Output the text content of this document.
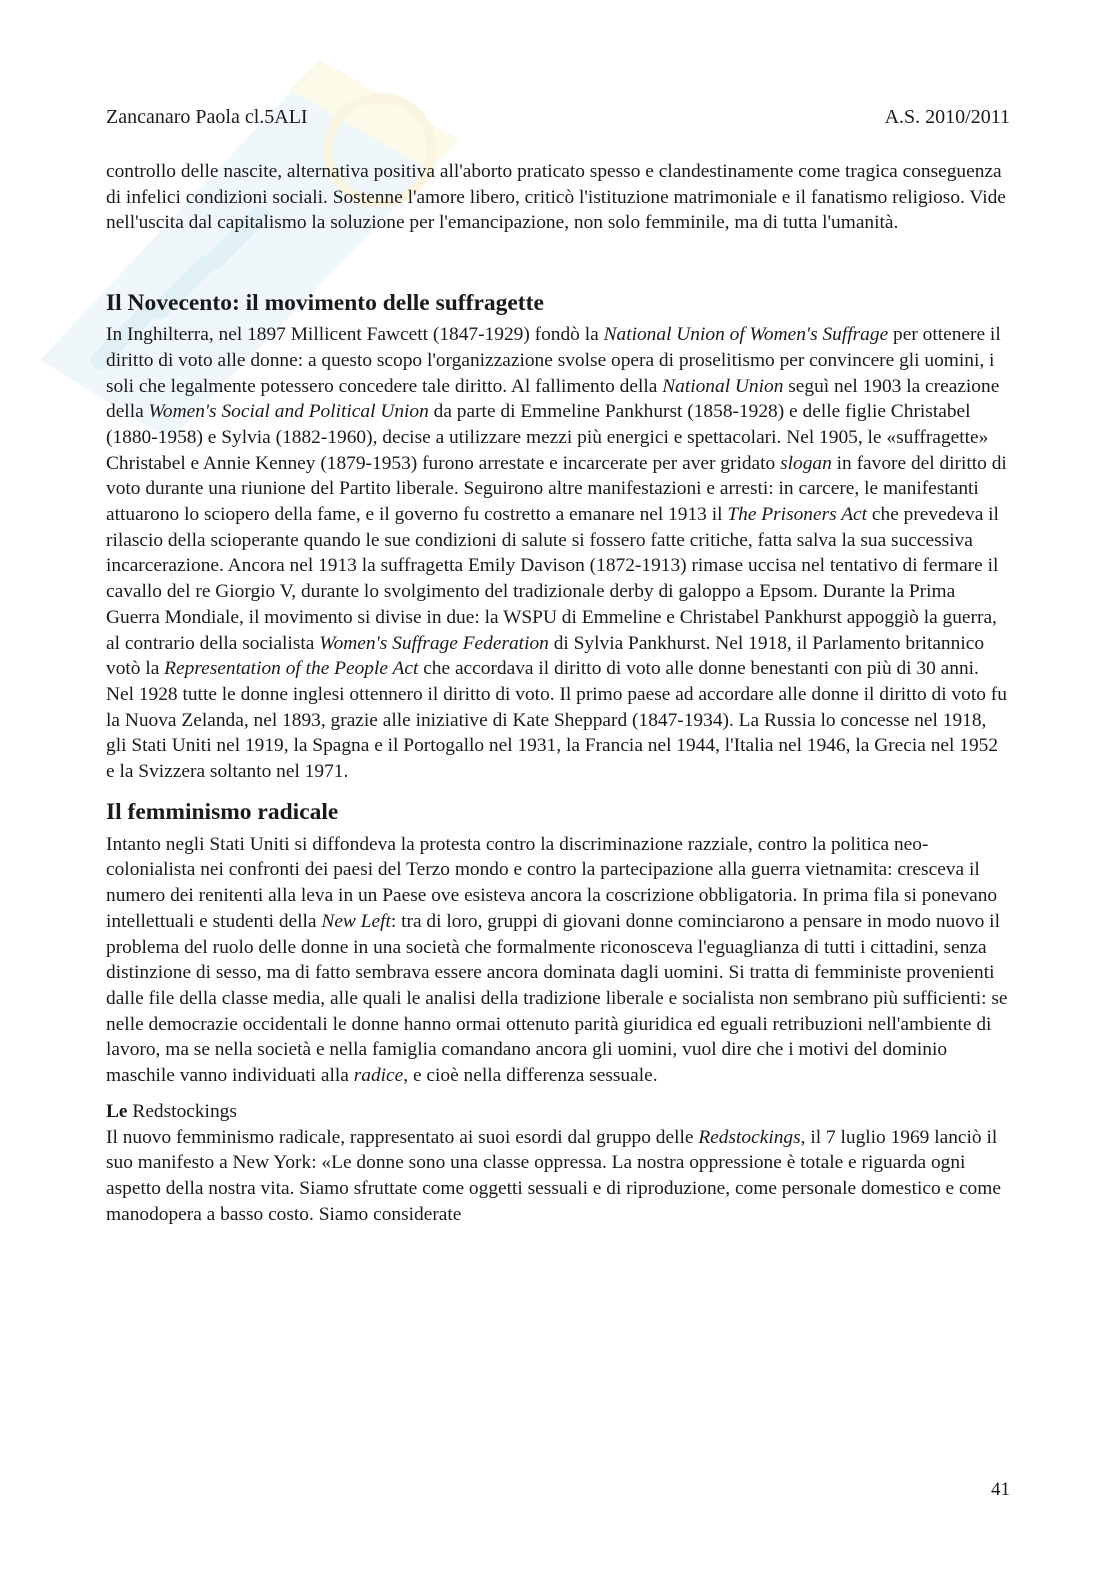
Zancanaro Paola cl.5ALI	A.S. 2010/2011

controllo delle nascite, alternativa positiva all'aborto praticato spesso e clandestinamente come tragica conseguenza di infelici condizioni sociali. Sostenne l'amore libero, criticò l'istituzione matrimoniale e il fanatismo religioso. Vide nell'uscita dal capitalismo la soluzione per l'emancipazione, non solo femminile, ma di tutta l'umanità.

Il Novecento: il movimento delle suffragette

In Inghilterra, nel 1897 Millicent Fawcett (1847-1929) fondò la National Union of Women's Suffrage per ottenere il diritto di voto alle donne: a questo scopo l'organizzazione svolse opera di proselitismo per convincere gli uomini, i soli che legalmente potessero concedere tale diritto. Al fallimento della National Union seguì nel 1903 la creazione della Women's Social and Political Union da parte di Emmeline Pankhurst (1858-1928) e delle figlie Christabel (1880-1958) e Sylvia (1882-1960), decise a utilizzare mezzi più energici e spettacolari. Nel 1905, le «suffragette» Christabel e Annie Kenney (1879-1953) furono arrestate e incarcerate per aver gridato slogan in favore del diritto di voto durante una riunione del Partito liberale. Seguirono altre manifestazioni e arresti: in carcere, le manifestanti attuarono lo sciopero della fame, e il governo fu costretto a emanare nel 1913 il The Prisoners Act che prevedeva il rilascio della scioperante quando le sue condizioni di salute si fossero fatte critiche, fatta salva la sua successiva incarcerazione. Ancora nel 1913 la suffragetta Emily Davison (1872-1913) rimase uccisa nel tentativo di fermare il cavallo del re Giorgio V, durante lo svolgimento del tradizionale derby di galoppo a Epsom. Durante la Prima Guerra Mondiale, il movimento si divise in due: la WSPU di Emmeline e Christabel Pankhurst appoggiò la guerra, al contrario della socialista Women's Suffrage Federation di Sylvia Pankhurst. Nel 1918, il Parlamento britannico votò la Representation of the People Act che accordava il diritto di voto alle donne benestanti con più di 30 anni. Nel 1928 tutte le donne inglesi ottennero il diritto di voto. Il primo paese ad accordare alle donne il diritto di voto fu la Nuova Zelanda, nel 1893, grazie alle iniziative di Kate Sheppard (1847-1934). La Russia lo concesse nel 1918, gli Stati Uniti nel 1919, la Spagna e il Portogallo nel 1931, la Francia nel 1944, l'Italia nel 1946, la Grecia nel 1952 e la Svizzera soltanto nel 1971.

Il femminismo radicale

Intanto negli Stati Uniti si diffondeva la protesta contro la discriminazione razziale, contro la politica neo-colonialista nei confronti dei paesi del Terzo mondo e contro la partecipazione alla guerra vietnamita: cresceva il numero dei renitenti alla leva in un Paese ove esisteva ancora la coscrizione obbligatoria. In prima fila si ponevano intellettuali e studenti della New Left: tra di loro, gruppi di giovani donne cominciarono a pensare in modo nuovo il problema del ruolo delle donne in una società che formalmente riconosceva l'eguaglianza di tutti i cittadini, senza distinzione di sesso, ma di fatto sembrava essere ancora dominata dagli uomini. Si tratta di femministe provenienti dalle file della classe media, alle quali le analisi della tradizione liberale e socialista non sembrano più sufficienti: se nelle democrazie occidentali le donne hanno ormai ottenuto parità giuridica ed eguali retribuzioni nell'ambiente di lavoro, ma se nella società e nella famiglia comandano ancora gli uomini, vuol dire che i motivi del dominio maschile vanno individuati alla radice, e cioè nella differenza sessuale.

Le Redstockings

Il nuovo femminismo radicale, rappresentato ai suoi esordi dal gruppo delle Redstockings, il 7 luglio 1969 lanciò il suo manifesto a New York: «Le donne sono una classe oppressa. La nostra oppressione è totale e riguarda ogni aspetto della nostra vita. Siamo sfruttate come oggetti sessuali e di riproduzione, come personale domestico e come manodopera a basso costo. Siamo considerate

41
